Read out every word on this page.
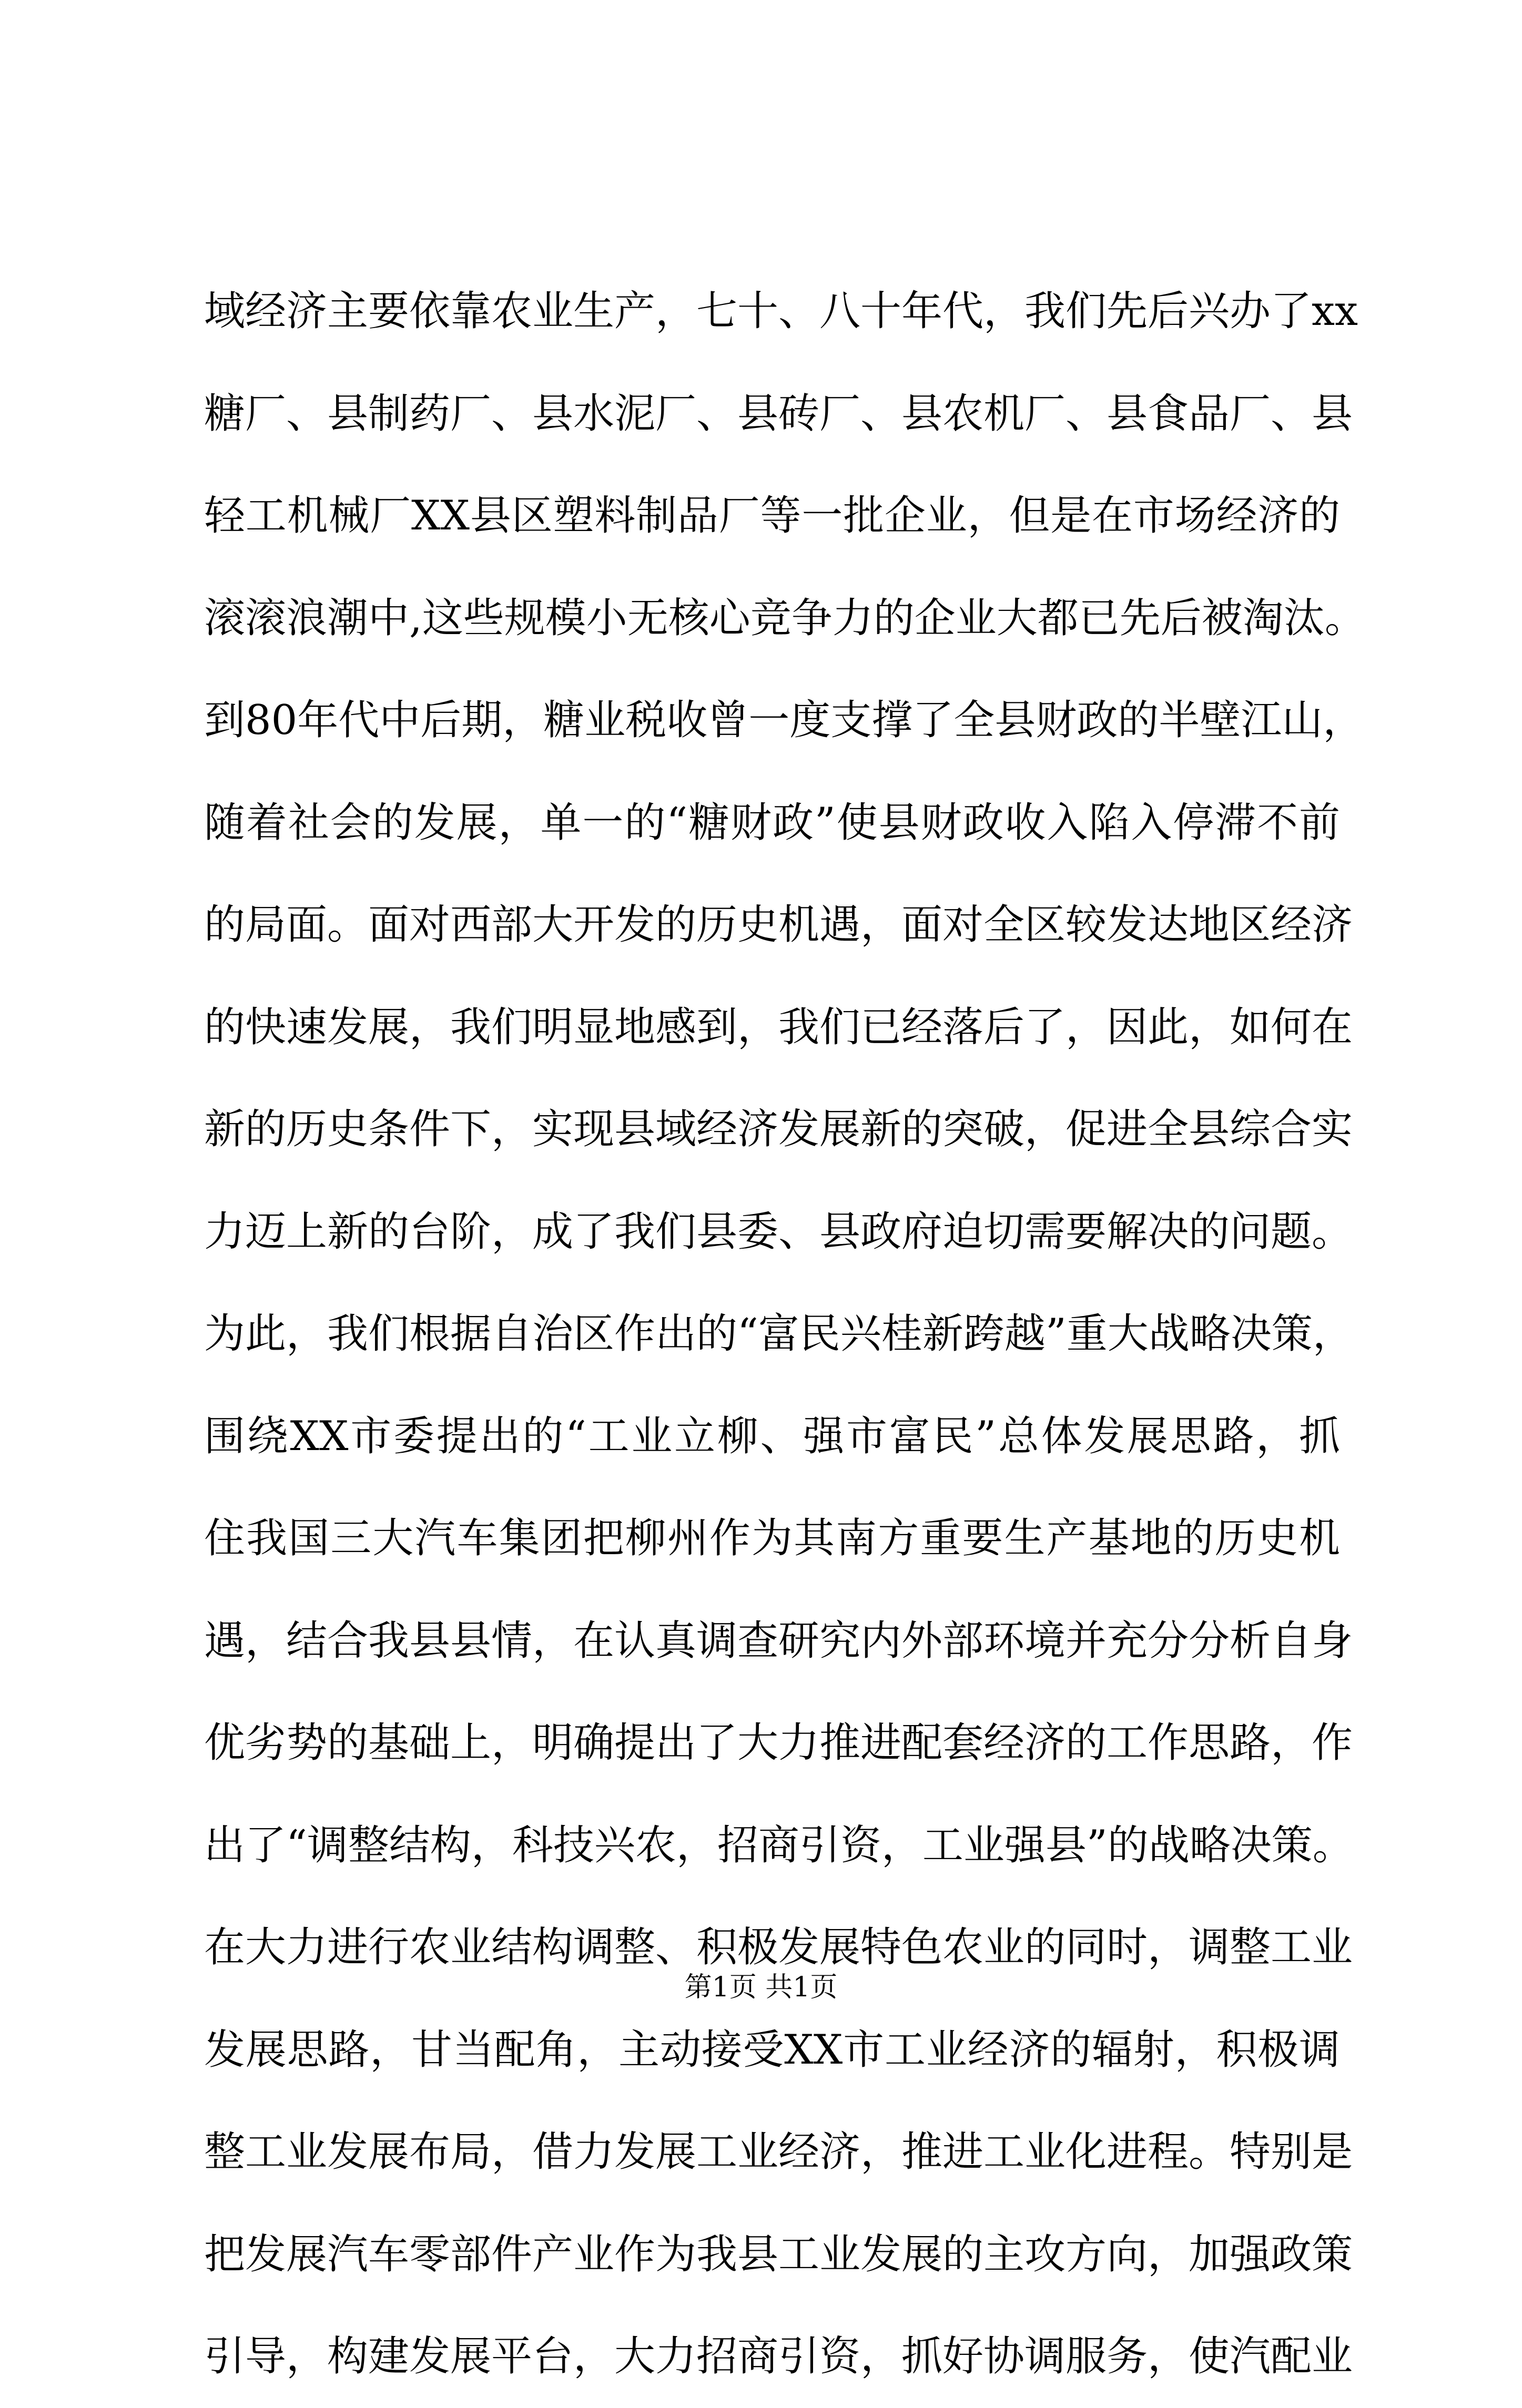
域经济主要依靠农业生产，七十、八十年代，我们先后兴办了xx
糖厂、县制药厂、县水泥厂、县砖厂、县农机厂、县食品厂、县
轻工机械厂XX县区塑料制品厂等一批企业，但是在市场经济的
滚滚浪潮中,这些规模小无核心竞争力的企业大都已先后被淘汰。
到80年代中后期，糖业税收曾一度支撑了全县财政的半壁江山，
随着社会的发展，单一的“糖财政”使县财政收入陷入停滞不前
的局面。面对西部大开发的历史机遇，面对全区较发达地区经济
的快速发展，我们明显地感到，我们已经落后了，因此，如何在
新的历史条件下，实现县域经济发展新的突破，促进全县综合实
力迈上新的台阶，成了我们县委、县政府迫切需要解决的问题。
为此，我们根据自治区作出的“富民兴桂新跨越”重大战略决策，
围绕XX市委提出的“工业立柳、强市富民”总体发展思路，抓
住我国三大汽车集团把柳州作为其南方重要生产基地的历史机
遇，结合我县县情，在认真调查研究内外部环境并充分分析自身
优劣势的基础上，明确提出了大力推进配套经济的工作思路，作
出了“调整结构，科技兴农，招商引资，工业强县”的战略决策。
在大力进行农业结构调整、积极发展特色农业的同时，调整工业
发展思路，甘当配角，主动接受XX市工业经济的辐射，积极调
整工业发展布局，借力发展工业经济，推进工业化进程。特别是
把发展汽车零部件产业作为我县工业发展的主攻方向，加强政策
引导，构建发展平台，大力招商引资，抓好协调服务，使汽配业
第1页 共1页
